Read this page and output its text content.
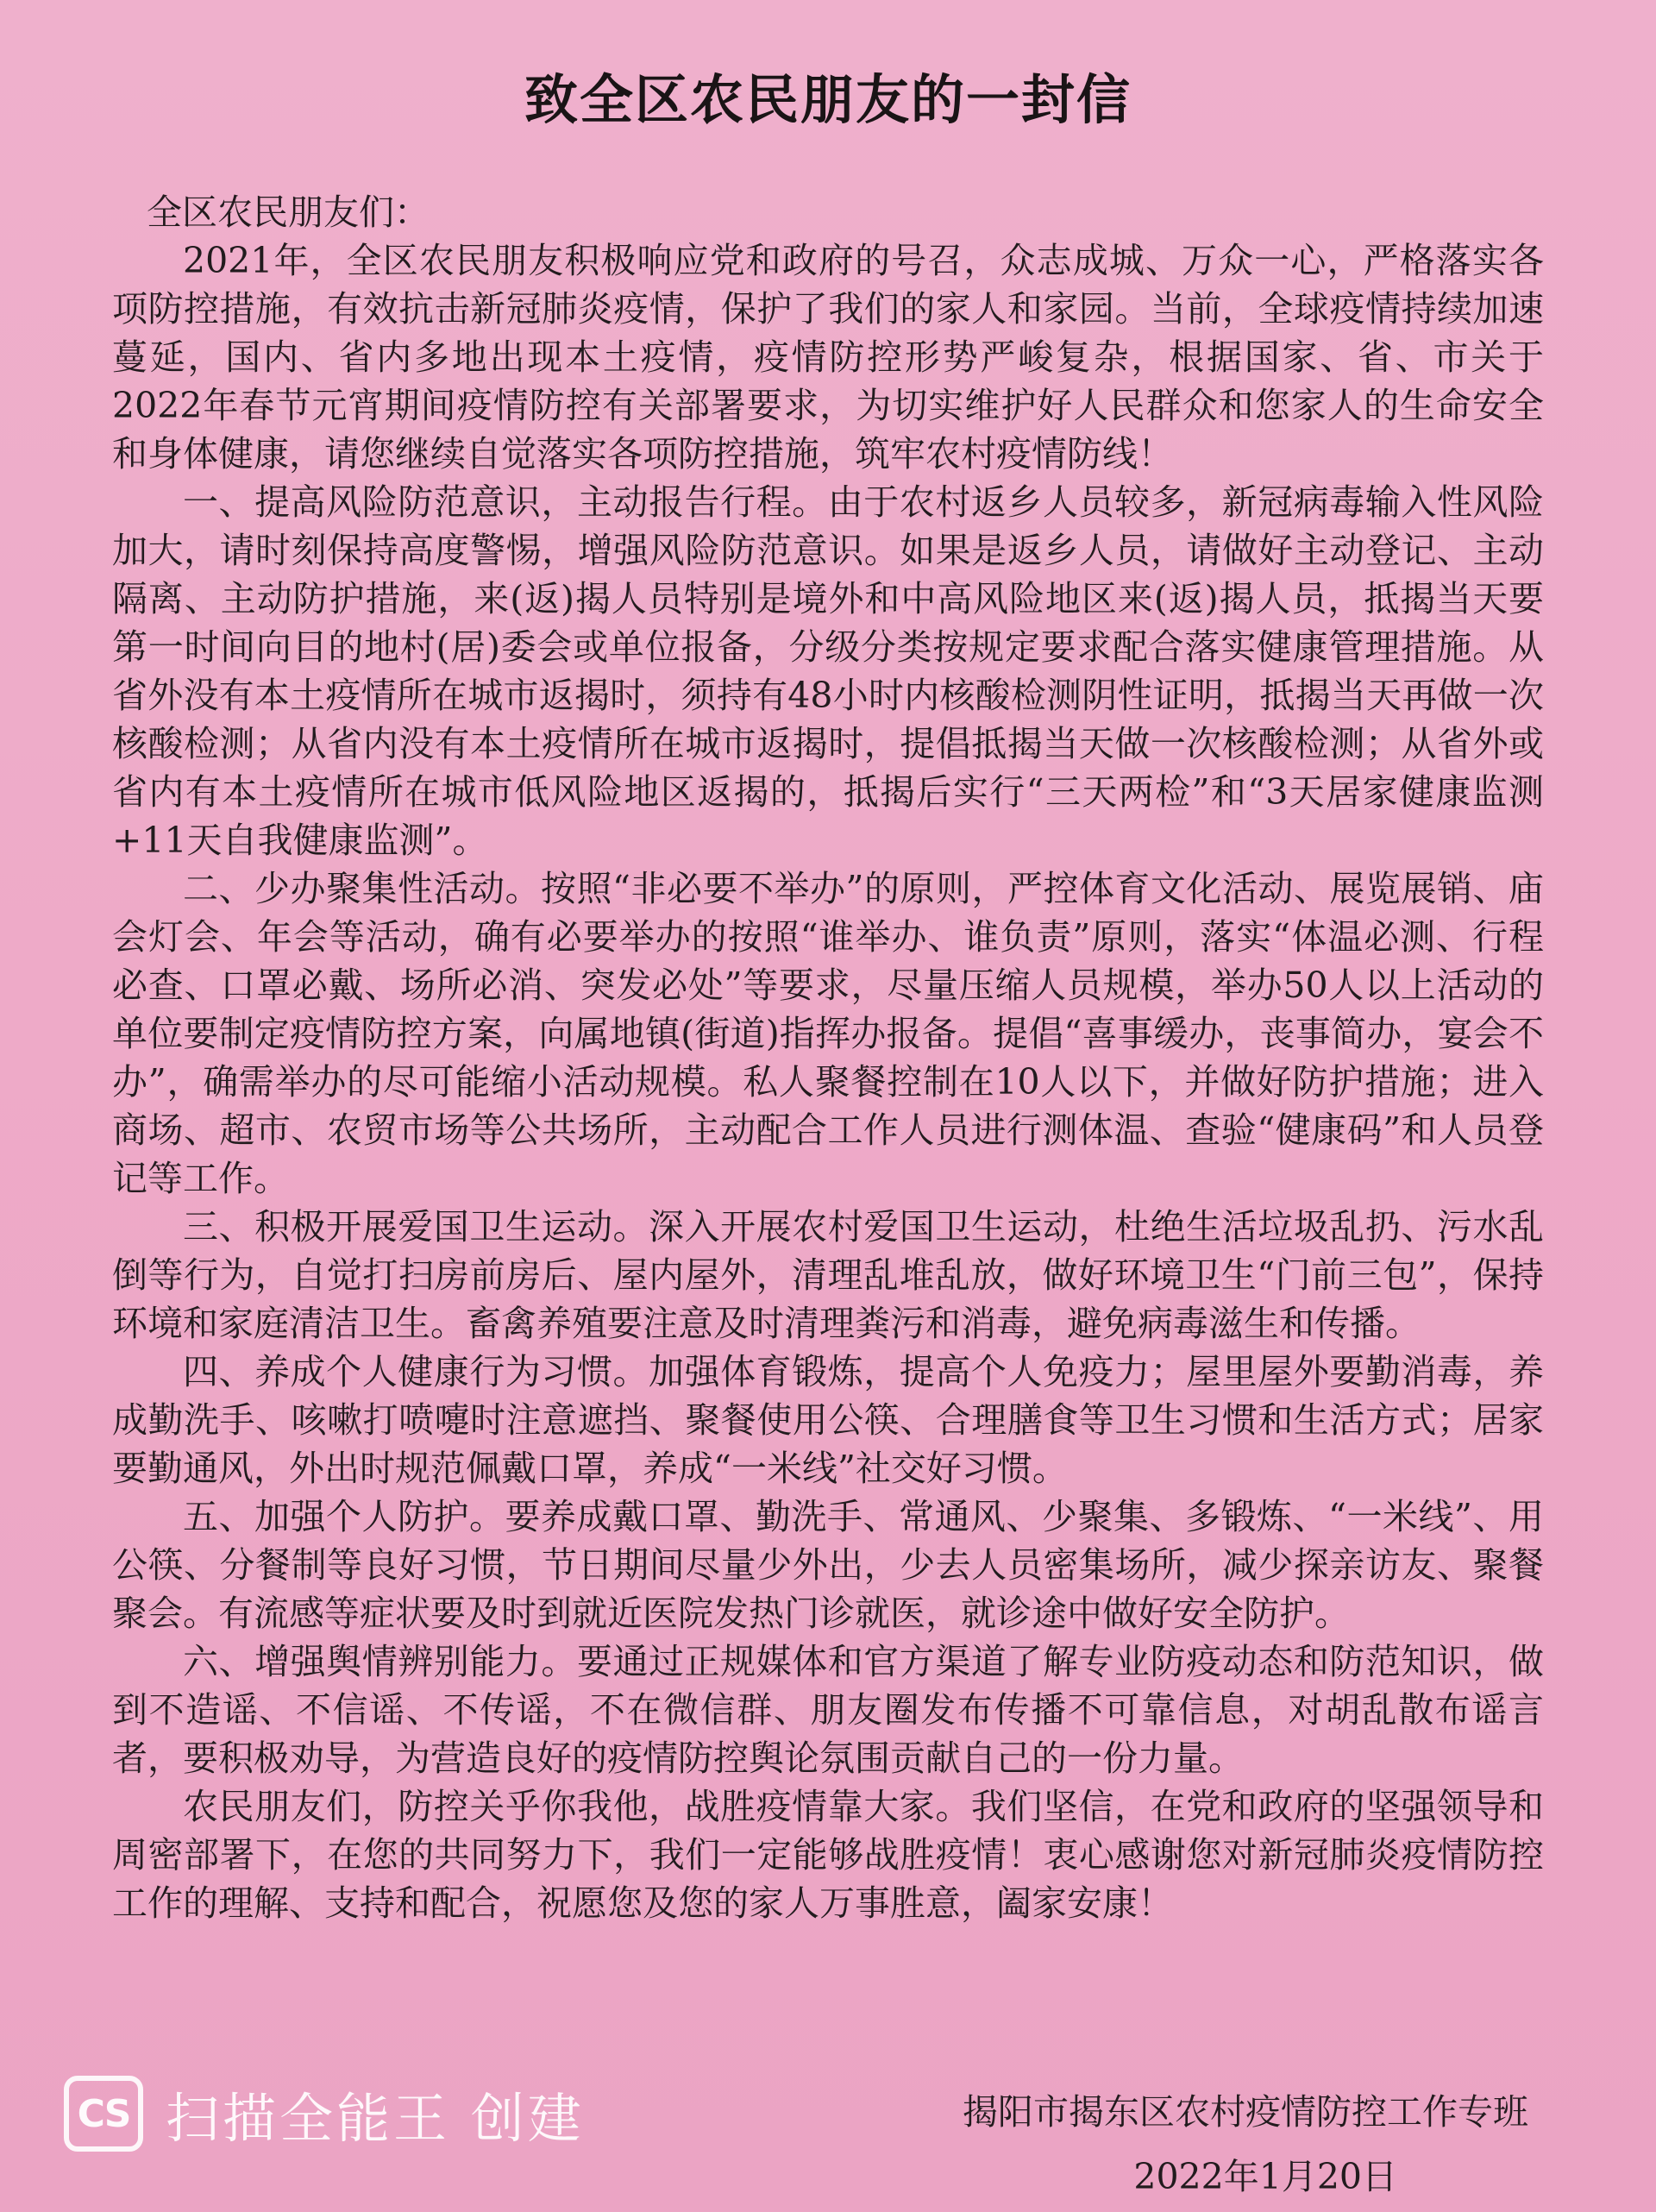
致全区农民朋友的一封信

全区农民朋友们：

2021年，全区农民朋友积极响应党和政府的号召，众志成城、万众一心，严格落实各项防控措施，有效抗击新冠肺炎疫情，保护了我们的家人和家园。当前，全球疫情持续加速蔓延，国内、省内多地出现本土疫情，疫情防控形势严峻复杂，根据国家、省、市关于2022年春节元宵期间疫情防控有关部署要求，为切实维护好人民群众和您家人的生命安全和身体健康，请您继续自觉落实各项防控措施，筑牢农村疫情防线！

一、提高风险防范意识，主动报告行程。由于农村返乡人员较多，新冠病毒输入性风险加大，请时刻保持高度警惕，增强风险防范意识。如果是返乡人员，请做好主动登记、主动隔离、主动防护措施，来(返)揭人员特别是境外和中高风险地区来(返)揭人员，抵揭当天要第一时间向目的地村(居)委会或单位报备，分级分类按规定要求配合落实健康管理措施。从省外没有本土疫情所在城市返揭时，须持有48小时内核酸检测阴性证明，抵揭当天再做一次核酸检测；从省内没有本土疫情所在城市返揭时，提倡抵揭当天做一次核酸检测；从省外或省内有本土疫情所在城市低风险地区返揭的，抵揭后实行“三天两检”和“3天居家健康监测+11天自我健康监测”。

二、少办聚集性活动。按照“非必要不举办”的原则，严控体育文化活动、展览展销、庙会灯会、年会等活动，确有必要举办的按照“谁举办、谁负责”原则，落实“体温必测、行程必查、口罩必戴、场所必消、突发必处”等要求，尽量压缩人员规模，举办50人以上活动的单位要制定疫情防控方案，向属地镇(街道)指挥办报备。提倡“喜事缓办，丧事简办，宴会不办”，确需举办的尽可能缩小活动规模。私人聚餐控制在10人以下，并做好防护措施；进入商场、超市、农贸市场等公共场所，主动配合工作人员进行测体温、查验“健康码”和人员登记等工作。

三、积极开展爱国卫生运动。深入开展农村爱国卫生运动，杜绝生活垃圾乱扔、污水乱倒等行为，自觉打扫房前房后、屋内屋外，清理乱堆乱放，做好环境卫生“门前三包”，保持环境和家庭清洁卫生。畜禽养殖要注意及时清理粪污和消毒，避免病毒滋生和传播。

四、养成个人健康行为习惯。加强体育锻炼，提高个人免疫力；屋里屋外要勤消毒，养成勤洗手、咳嗽打喷嚏时注意遮挡、聚餐使用公筷、合理膳食等卫生习惯和生活方式；居家要勤通风，外出时规范佩戴口罩，养成“一米线”社交好习惯。

五、加强个人防护。要养成戴口罩、勤洗手、常通风、少聚集、多锻炼、“一米线”、用公筷、分餐制等良好习惯，节日期间尽量少外出，少去人员密集场所，减少探亲访友、聚餐聚会。有流感等症状要及时到就近医院发热门诊就医，就诊途中做好安全防护。

六、增强舆情辨别能力。要通过正规媒体和官方渠道了解专业防疫动态和防范知识，做到不造谣、不信谣、不传谣，不在微信群、朋友圈发布传播不可靠信息，对胡乱散布谣言者，要积极劝导，为营造良好的疫情防控舆论氛围贡献自己的一份力量。

农民朋友们，防控关乎你我他，战胜疫情靠大家。我们坚信，在党和政府的坚强领导和周密部署下，在您的共同努力下，我们一定能够战胜疫情！衷心感谢您对新冠肺炎疫情防控工作的理解、支持和配合，祝愿您及您的家人万事胜意，阖家安康！

CS 扫描全能王 创建	揭阳市揭东区农村疫情防控工作专班
2022年1月20日
